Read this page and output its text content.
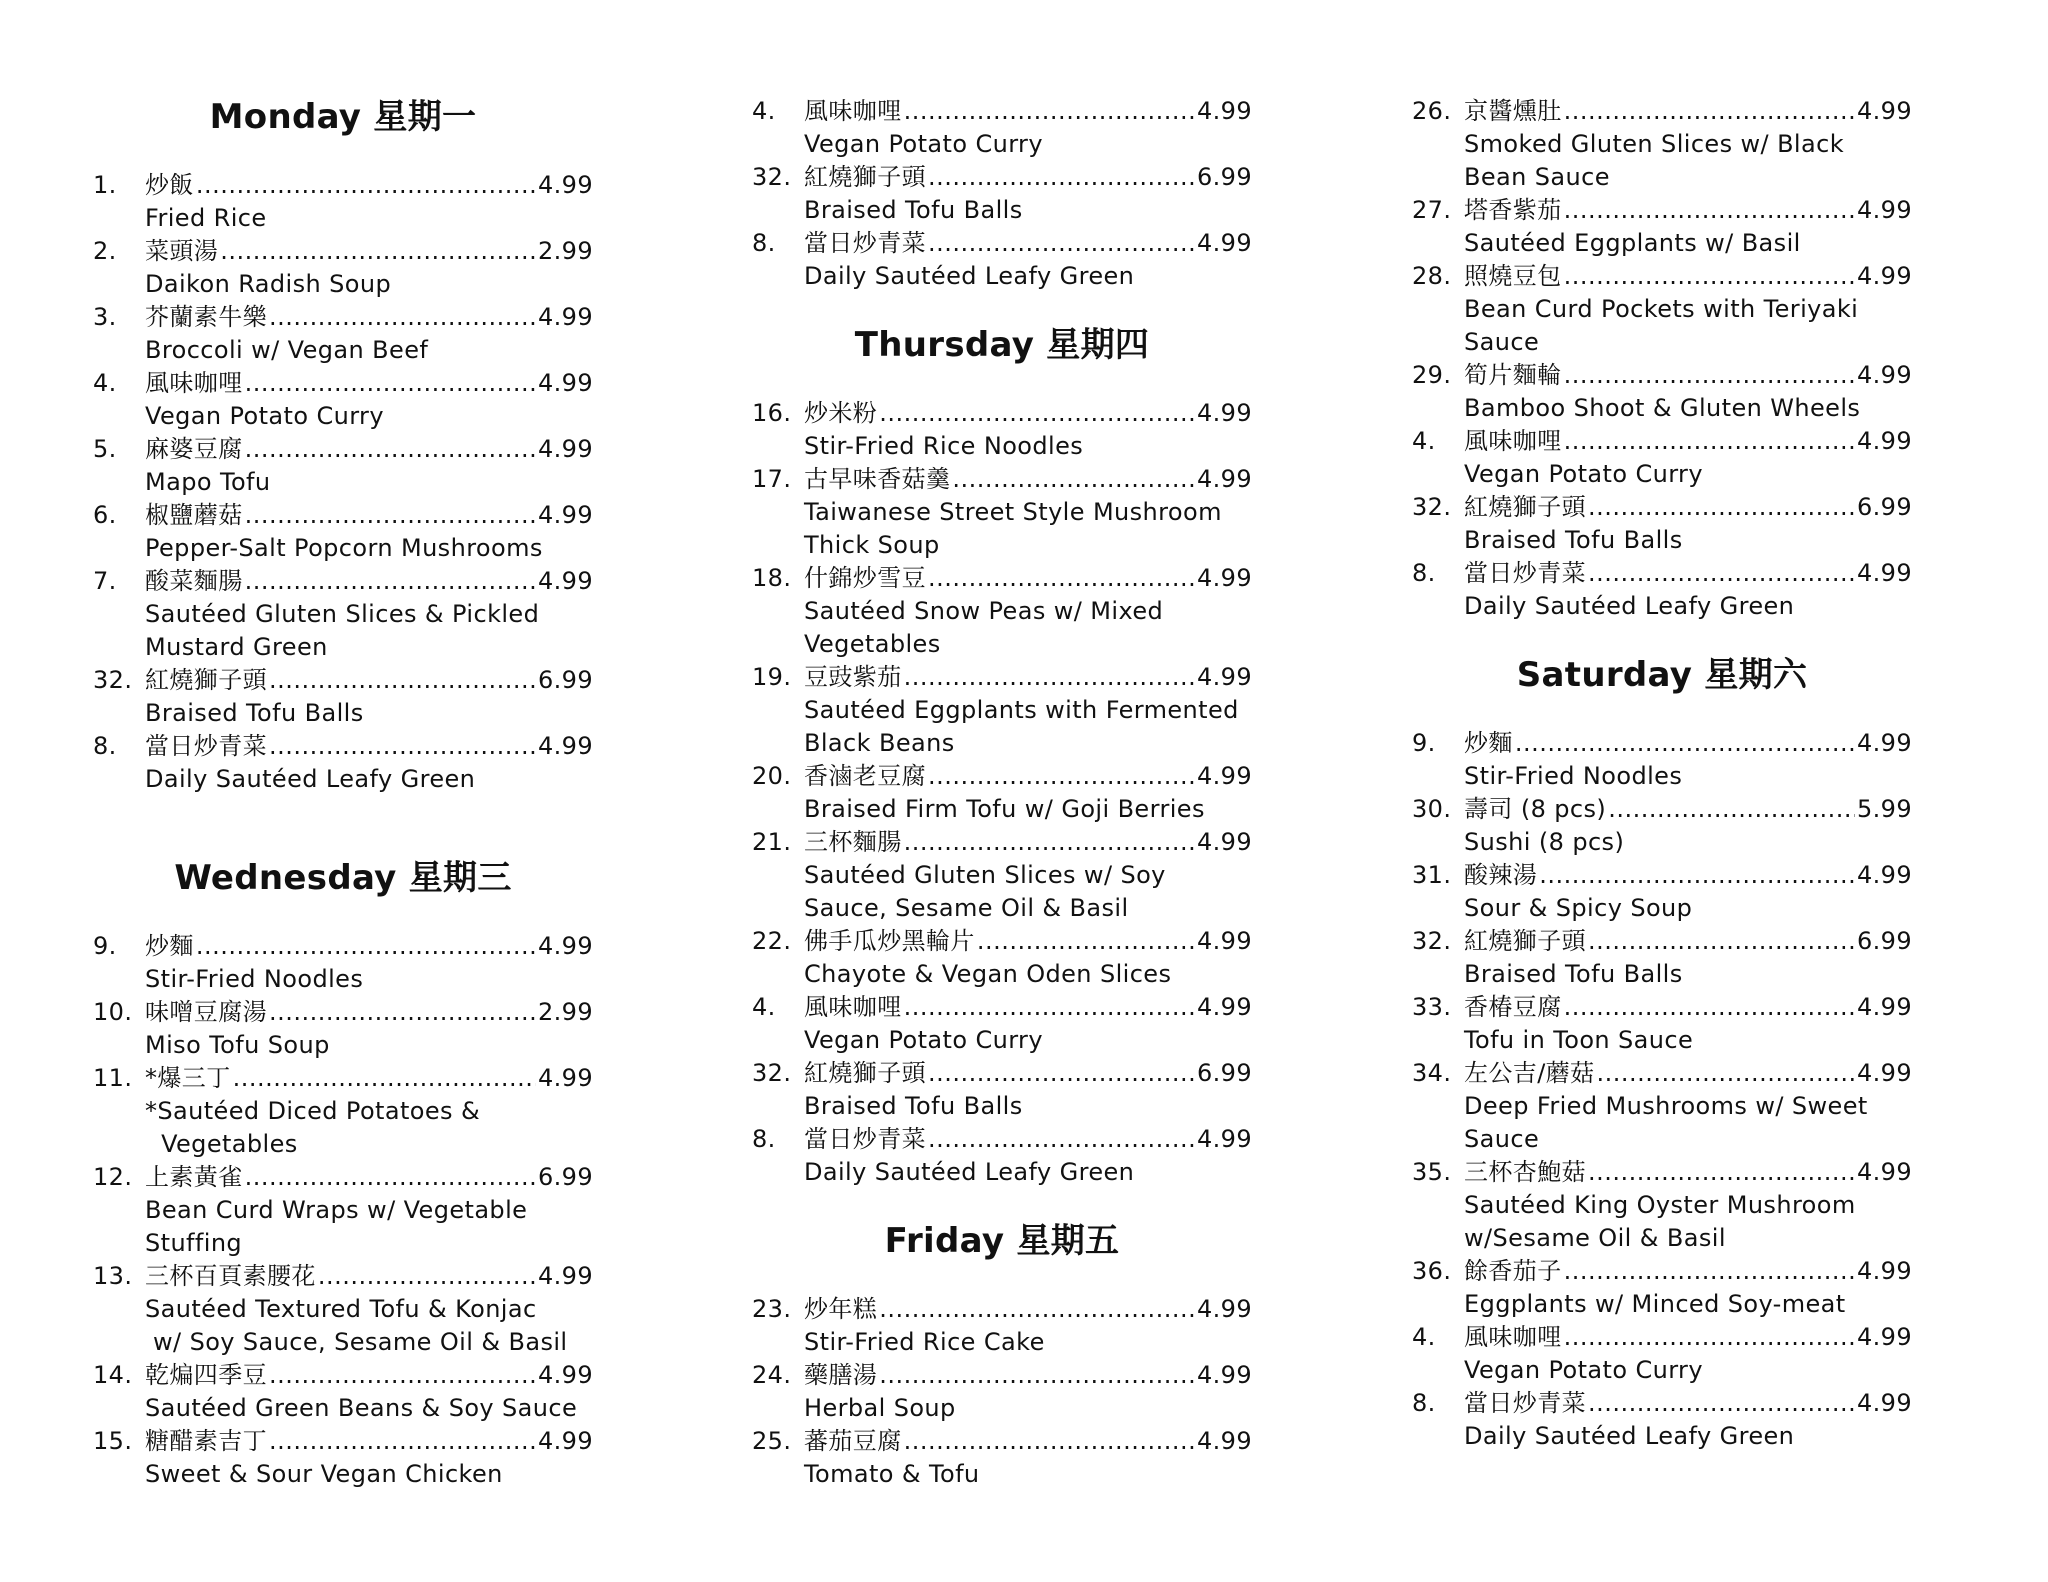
Monday 星期一
1.	炒飯 .....	4.99
Fried Rice
2.	菜頭湯 .....	2.99
Daikon Radish Soup
3.	芥蘭素牛樂 .....	4.99
Broccoli w/ Vegan Beef
4.	風味咖哩 .....	4.99
Vegan Potato Curry
5.	麻婆豆腐 .....	4.99
Mapo Tofu
6.	椒鹽蘑菇 .....	4.99
Pepper-Salt Popcorn Mushrooms
7.	酸菜麵腸 .....	4.99
Sautéed Gluten Slices & Pickled Mustard Green
32. 紅燒獅子頭 .....	6.99
Braised Tofu Balls
8.	當日炒青菜 .....	4.99
Daily Sautéed Leafy Green
Wednesday 星期三
9.	炒麵 .....	4.99
Stir-Fried Noodles
10. 味噌豆腐湯 .....	2.99
Miso Tofu Soup
11. *爆三丁 .....	4.99
*Sautéed Diced Potatoes &
Vegetables
12. 上素黃雀 .....	6.99
Bean Curd Wraps w/ Vegetable Stuffing
13. 三杯百頁素腰花 .....	4.99
Sautéed Textured Tofu & Konjac
w/ Soy Sauce, Sesame Oil & Basil
14. 乾煸四季豆 .....	4.99
Sautéed Green Beans & Soy Sauce
15. 糖醋素吉丁 .....	4.99
Sweet & Sour Vegan Chicken
4.	風味咖哩 .....	4.99
Vegan Potato Curry
32. 紅燒獅子頭 .....	6.99
Braised Tofu Balls
8.	當日炒青菜 .....	4.99
Daily Sautéed Leafy Green
Thursday 星期四
16. 炒米粉 .....	4.99
Stir-Fried Rice Noodles
17. 古早味香菇羹 .....	4.99
Taiwanese Street Style Mushroom Thick Soup
18. 什錦炒雪豆 .....	4.99
Sautéed Snow Peas w/ Mixed Vegetables
19. 豆豉紫茄 .....	4.99
Sautéed Eggplants with Fermented Black Beans
20. 香滷老豆腐 .....	4.99
Braised Firm Tofu w/ Goji Berries
21. 三杯麵腸 .....	4.99
Sautéed Gluten Slices w/ Soy Sauce, Sesame Oil & Basil
22. 佛手瓜炒黑輪片 .....	4.99
Chayote & Vegan Oden Slices
4.	風味咖哩 .....	4.99
Vegan Potato Curry
32. 紅燒獅子頭 .....	6.99
Braised Tofu Balls
8.	當日炒青菜 .....	4.99
Daily Sautéed Leafy Green
Friday 星期五
23. 炒年糕 .....	4.99
Stir-Fried Rice Cake
24. 藥膳湯 .....	4.99
Herbal Soup
25. 蕃茄豆腐 .....	4.99
Tomato & Tofu
26. 京醬燻肚 .....	4.99
Smoked Gluten Slices w/ Black Bean Sauce
27. 塔香紫茄 .....	4.99
Sautéed Eggplants w/ Basil
28. 照燒豆包 .....	4.99
Bean Curd Pockets with Teriyaki Sauce
29. 筍片麵輪 .....	4.99
Bamboo Shoot & Gluten Wheels
4.	風味咖哩 .....	4.99
Vegan Potato Curry
32. 紅燒獅子頭 .....	6.99
Braised Tofu Balls
8.	當日炒青菜 .....	4.99
Daily Sautéed Leafy Green
Saturday 星期六
9.	炒麵 .....	4.99
Stir-Fried Noodles
30. 壽司 (8 pcs) .....	5.99
Sushi (8 pcs)
31. 酸辣湯 .....	4.99
Sour & Spicy Soup
32. 紅燒獅子頭 .....	6.99
Braised Tofu Balls
33. 香椿豆腐 .....	4.99
Tofu in Toon Sauce
34. 左公吉/蘑菇 .....	4.99
Deep Fried Mushrooms w/ Sweet Sauce
35. 三杯杏鮑菇 .....	4.99
Sautéed King Oyster Mushroom w/Sesame Oil & Basil
36. 餘香茄子 .....	4.99
Eggplants w/ Minced Soy-meat
4.	風味咖哩 .....	4.99
Vegan Potato Curry
8.	當日炒青菜 .....	4.99
Daily Sautéed Leafy Green
